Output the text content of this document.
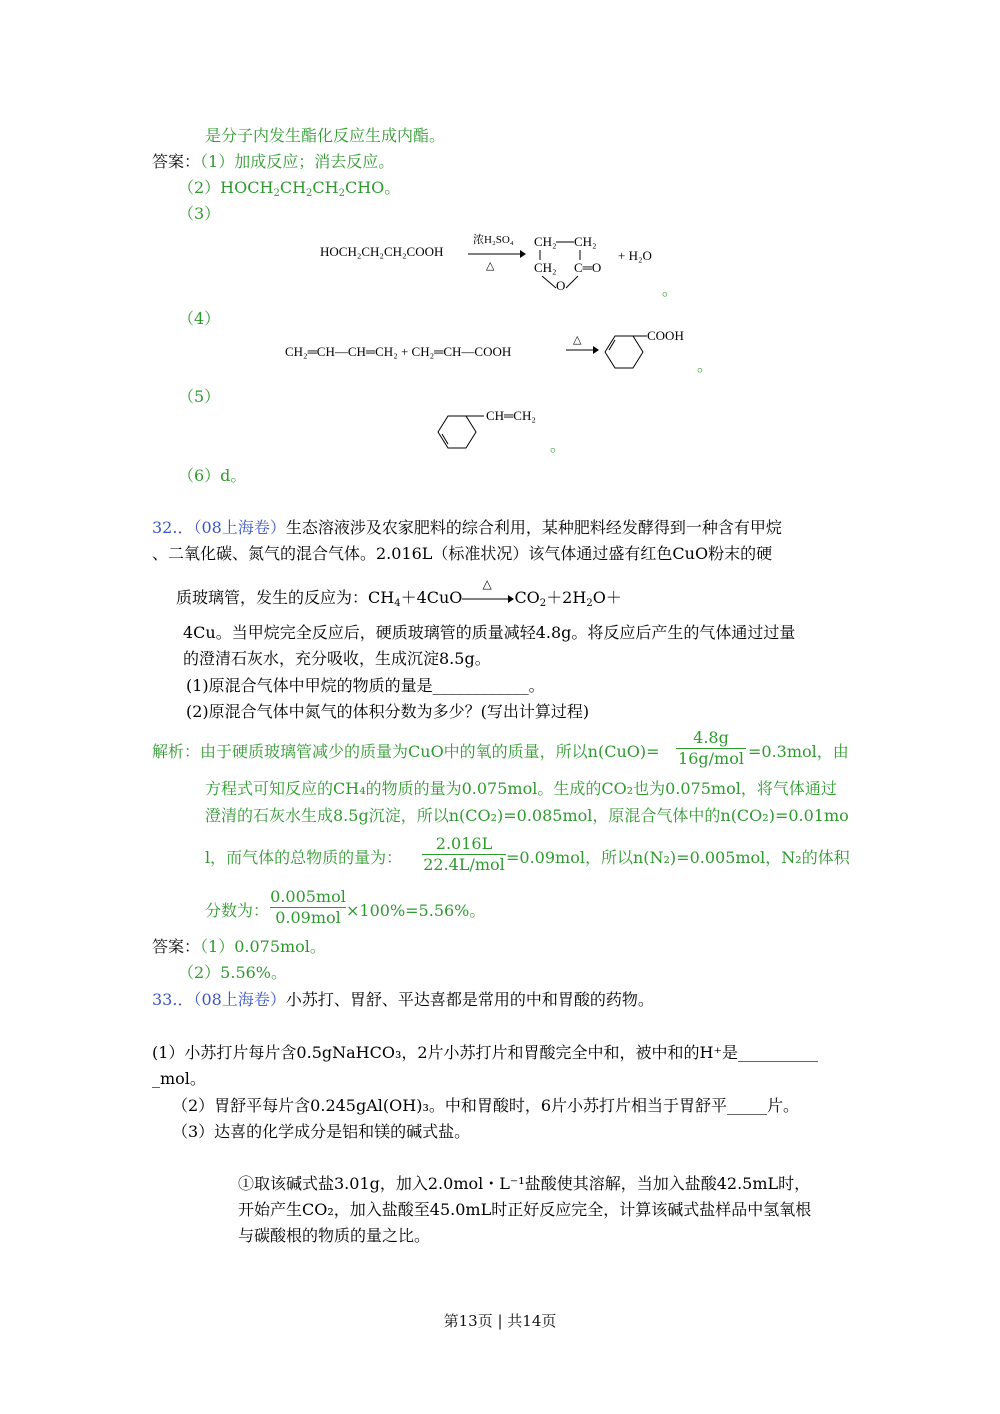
是分子内发生酯化反应生成内酯。
答案：（1）加成反应；消去反应。
$(2)HOCH_2CH_2CH_2CHO$。
（3）
HOCH₂CH₂CH₂COOH
浓H₂SO₄
△
CH₂ CH₂
CH₂ C═O
O
+ H₂O
。
（4）
CH₂═CH—CH═CH₂ + CH₂═CH—COOH
△	COOH
。
（5）
CH═CH₂
。
（6）d。
32.．（08上海卷）生态溶液涉及农家肥料的综合利用，某种肥料经发酵得到一种含有甲烷
、二氧化碳、氮气的混合气体。2.016L（标准状况）该气体通过盛有红色CuO粉末的硬
质玻璃管，发生的反应为：$CH_4+4CuO$
△
$CO_2+2H_2O+$
4Cu。当甲烷完全反应后，硬质玻璃管的质量减轻4.8g。将反应后产生的气体通过过量
的澄清石灰水，充分吸收，生成沉淀8.5g。
(1)原混合气体中甲烷的物质的量是____________。
(2)原混合气体中氮气的体积分数为多少？(写出计算过程)
解析：由于硬质玻璃管减少的质量为CuO中的氧的质量，所以n(CuO)=
4.8g
16g/mol =0.3mol，由
方程式可知反应的CH₄的物质的量为0.075mol。生成的CO₂也为0.075mol，将气体通过
澄清的石灰水生成8.5g沉淀，所以n(CO₂)=0.085mol，原混合气体中的n(CO₂)=0.01mo
l，而气体的总物质的量为：
2.016L
22.4L/mol =0.09mol，所以n(N₂)=0.005mol，N₂的体积
分数为：
0.005mol
0.09mol ×100%=5.56%。
答案：（1）0.075mol。
（2）5.56%。
33.．（08上海卷）小苏打、胃舒、平达喜都是常用的中和胃酸的药物。
(1）小苏打片每片含0.5gNaHCO₃，2片小苏打片和胃酸完全中和，被中和的H⁺是__________
_mol。
（2）胃舒平每片含0.245gAl(OH)₃。中和胃酸时，6片小苏打片相当于胃舒平_____片。
（3）达喜的化学成分是铝和镁的碱式盐。
①取该碱式盐3.01g，加入2.0mol・L⁻¹盐酸使其溶解，当加入盐酸42.5mL时，
开始产生CO₂，加入盐酸至45.0mL时正好反应完全，计算该碱式盐样品中氢氧根
与碳酸根的物质的量之比。
第13页 | 共14页
